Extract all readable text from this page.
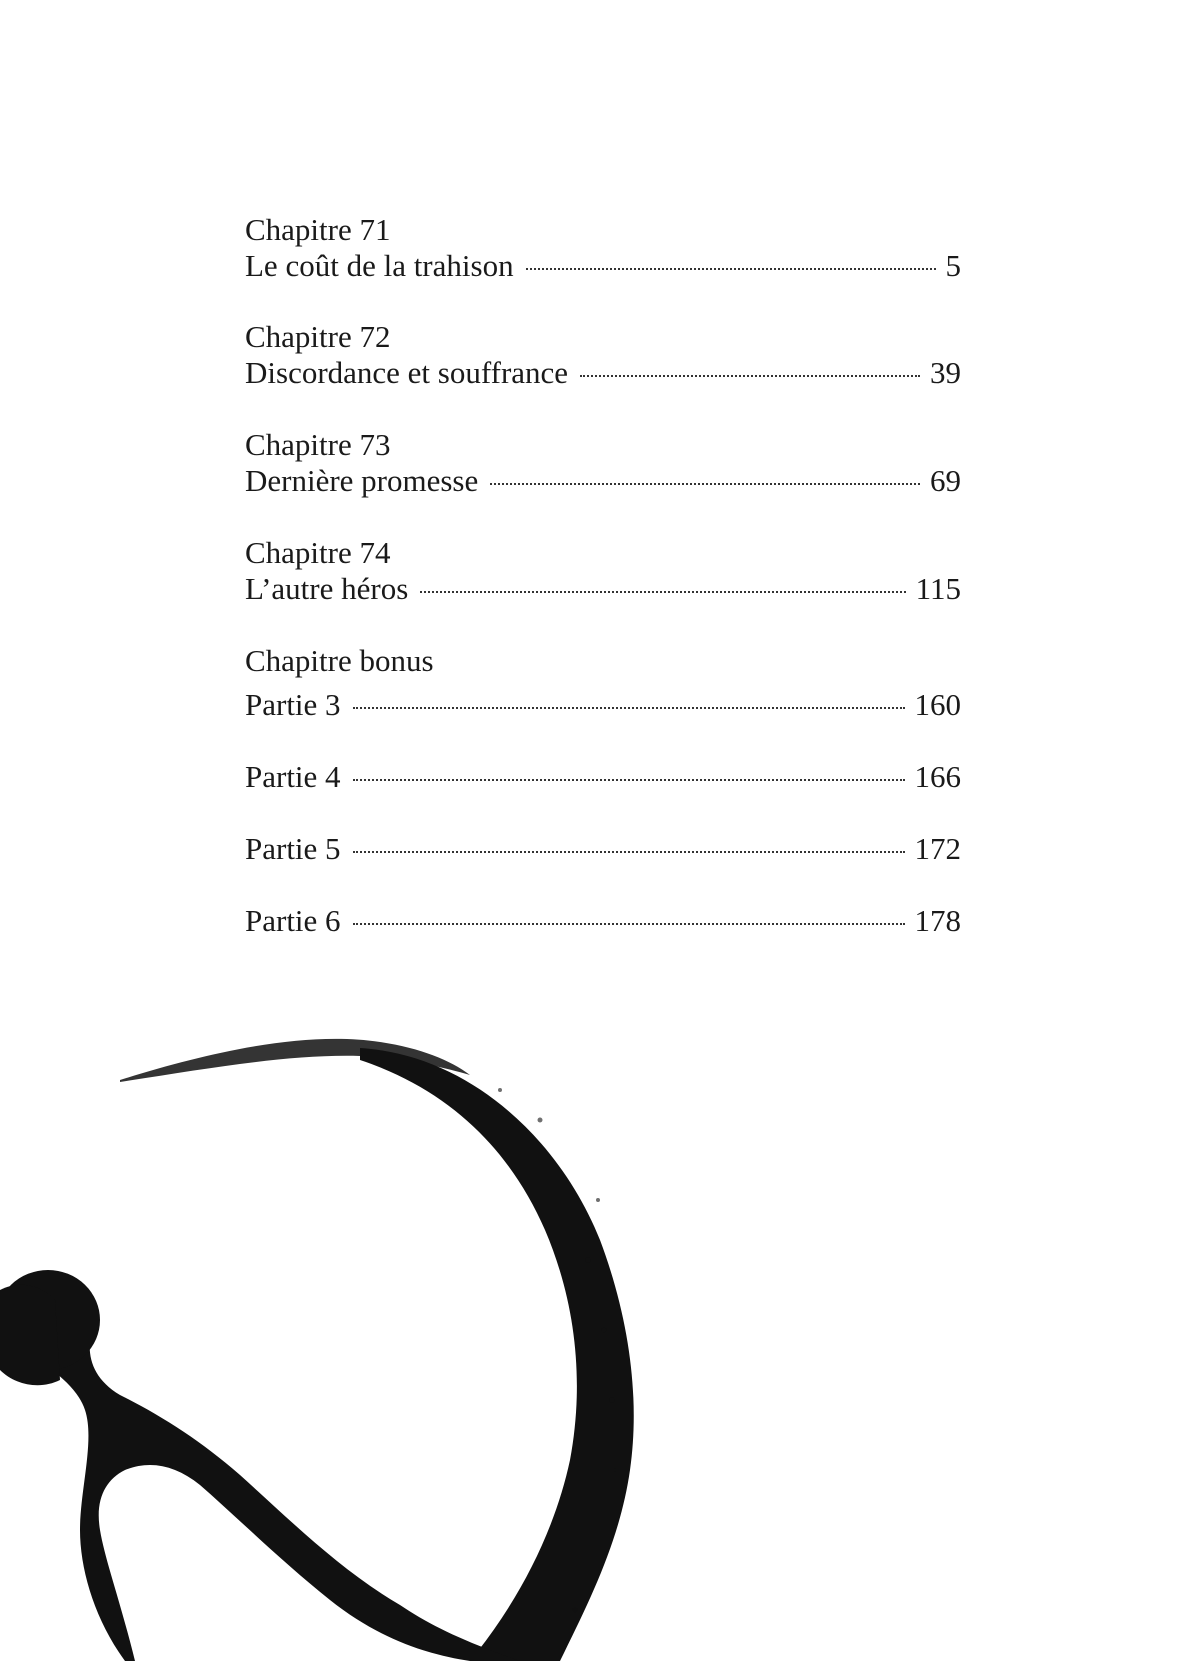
Chapitre 71
Le coût de la trahison	5
Chapitre 72
Discordance et souffrance	39
Chapitre 73
Dernière promesse	69
Chapitre 74
L’autre héros	115
Chapitre bonus
Partie 3	160
Partie 4	166
Partie 5	172
Partie 6	178
